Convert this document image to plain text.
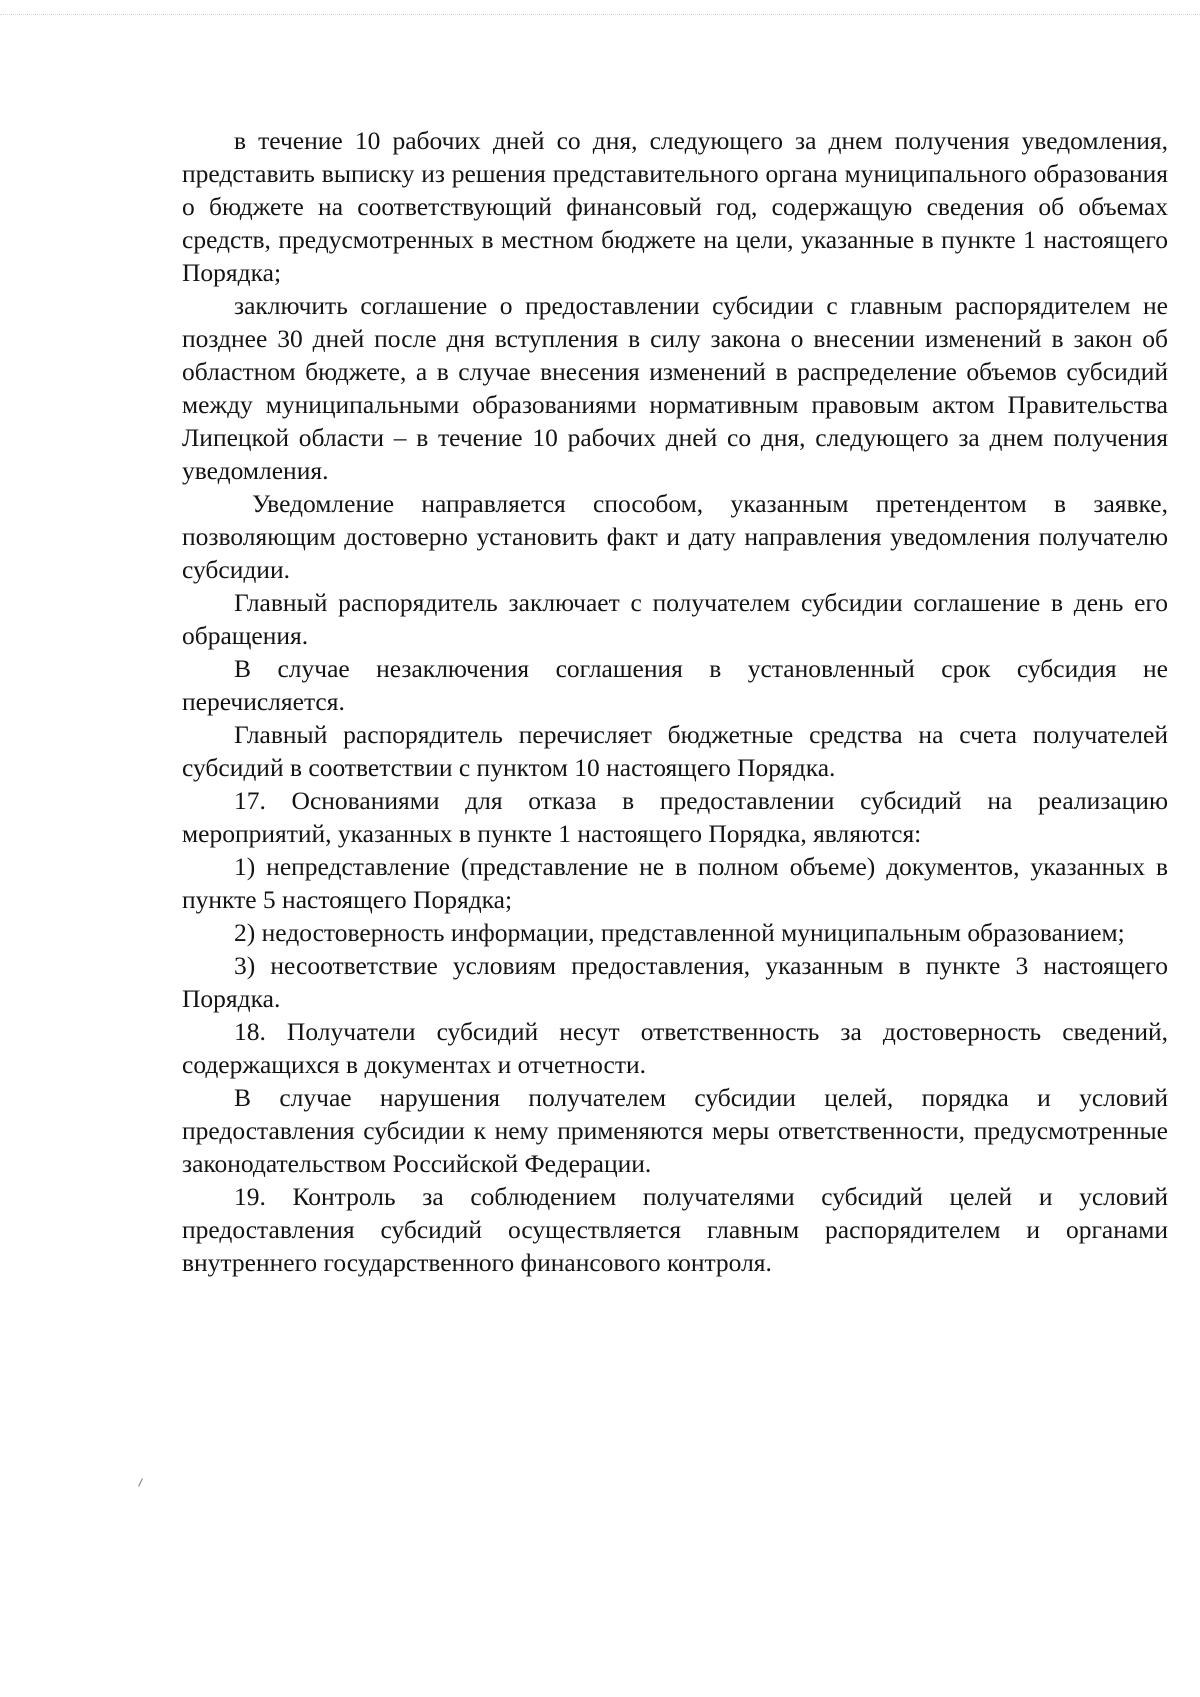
в течение 10 рабочих дней со дня, следующего за днем получения уведомления, представить выписку из решения представительного органа муниципального образования о бюджете на соответствующий финансовый год, содержащую сведения об объемах средств, предусмотренных в местном бюджете на цели, указанные в пункте 1 настоящего Порядка;

заключить соглашение о предоставлении субсидии с главным распорядителем не позднее 30 дней после дня вступления в силу закона о внесении изменений в закон об областном бюджете, а в случае внесения изменений в распределение объемов субсидий между муниципальными образованиями нормативным правовым актом Правительства Липецкой области – в течение 10 рабочих дней со дня, следующего за днем получения уведомления.

Уведомление направляется способом, указанным претендентом в заявке, позволяющим достоверно установить факт и дату направления уведомления получателю субсидии.

Главный распорядитель заключает с получателем субсидии соглашение в день его обращения.

В случае незаключения соглашения в установленный срок субсидия не перечисляется.

Главный распорядитель перечисляет бюджетные средства на счета получателей субсидий в соответствии с пунктом 10 настоящего Порядка.

17. Основаниями для отказа в предоставлении субсидий на реализацию мероприятий, указанных в пункте 1 настоящего Порядка, являются:

1) непредставление (представление не в полном объеме) документов, указанных в пункте 5 настоящего Порядка;

2) недостоверность информации, представленной муниципальным образованием;

3) несоответствие условиям предоставления, указанным в пункте 3 настоящего Порядка.

18. Получатели субсидий несут ответственность за достоверность сведений, содержащихся в документах и отчетности.

В случае нарушения получателем субсидии целей, порядка и условий предоставления субсидии к нему применяются меры ответственности, предусмотренные законодательством Российской Федерации.

19. Контроль за соблюдением получателями субсидий целей и условий предоставления субсидий осуществляется главным распорядителем и органами внутреннего государственного финансового контроля.
